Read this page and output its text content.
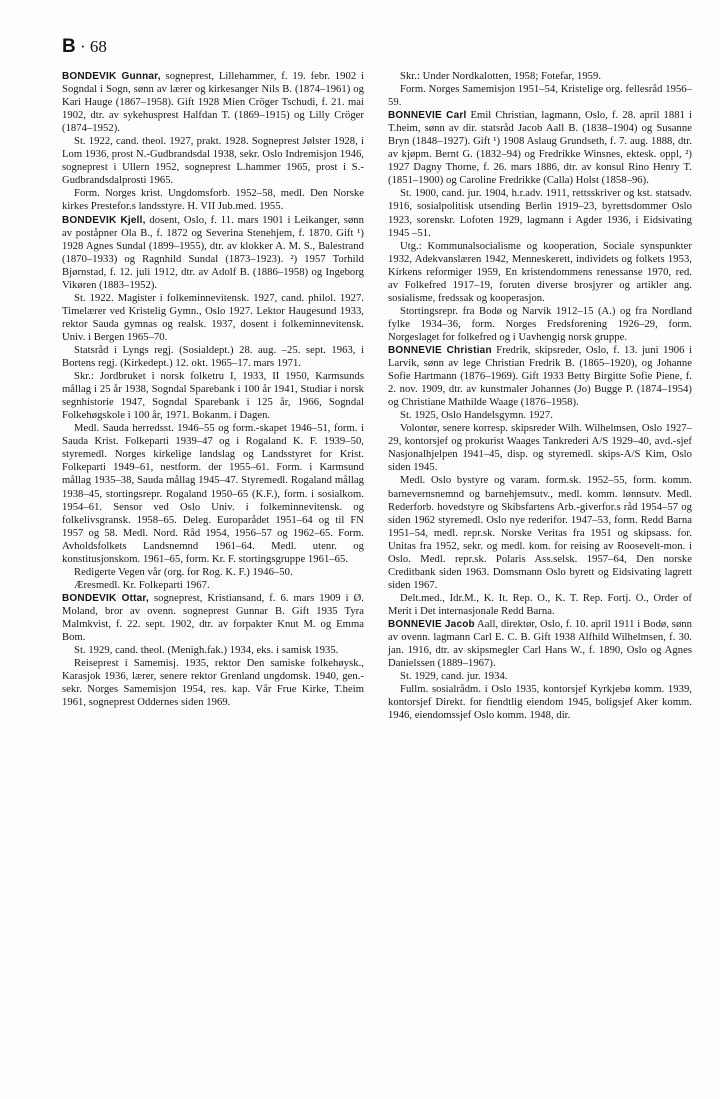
B · 68

BONDEVIK Gunnar, sogneprest, Lillehammer, f. 19. febr. 1902 i Sogndal i Sogn, sønn av lærer og kirkesanger Nils B. (1874–1961) og Kari Hauge (1867–1958). Gift 1928 Mien Cröger Tschudi, f. 21. mai 1902, dtr. av sykehusprest Halfdan T. (1869–1915) og Lilly Cröger (1874–1952).

St. 1922, cand. theol. 1927, prakt. 1928. Sogneprest Jølster 1928, i Lom 1936, prost N.-Gudbrandsdal 1938, sekr. Oslo Indremisjon 1946, sogneprest i Ullern 1952, sogneprest L.hammer 1965, prost i S.-Gudbrandsdalprosti 1965.

Form. Norges krist. Ungdomsforb. 1952–58, medl. Den Norske kirkes Prestefor.s landsstyre. H. VII Jub.med. 1955.

BONDEVIK Kjell, dosent, Oslo, f. 11. mars 1901 i Leikanger, sønn av poståpner Ola B., f. 1872 og Severina Stenehjem, f. 1870. Gift ¹) 1928 Agnes Sundal (1899–1955), dtr. av klokker A. M. S., Balestrand (1870–1933) og Ragnhild Sundal (1873–1923). ²) 1957 Torhild Bjørnstad, f. 12. juli 1912, dtr. av Adolf B. (1886–1958) og Ingeborg Vikøren (1883–1952).

St. 1922. Magister i folkeminnevitensk. 1927, cand. philol. 1927. Timelærer ved Kristelig Gymn., Oslo 1927. Lektor Haugesund 1933, rektor Sauda gymnas og realsk. 1937, dosent i folkeminnevitensk. Univ. i Bergen 1965–70.

Statsråd i Lyngs regj. (Sosialdept.) 28. aug. –25. sept. 1963, i Bortens regj. (Kirkedept.) 12. okt. 1965–17. mars 1971.

Skr.: Jordbruket i norsk folketru I, 1933, II 1950, Karmsunds mållag i 25 år 1938, Sogndal Sparebank i 100 år 1941, Studiar i norsk segnhistorie 1947, Sogndal Sparebank i 125 år, 1966, Sogndal Folkehøgskole i 100 år, 1971. Bokanm. i Dagen.

Medl. Sauda herredsst. 1946–55 og form.-skapet 1946–51, form. i Sauda Krist. Folkeparti 1939–47 og i Rogaland K. F. 1939–50, styremedl. Norges kirkelige landslag og Landsstyret for Krist. Folkeparti 1949–61, nestform. der 1955–61. Form. i Karmsund mållag 1935–38, Sauda mållag 1945–47. Styremedl. Rogaland mållag 1938–45, stortingsrepr. Rogaland 1950–65 (K.F.), form. i sosialkom. 1954–61. Sensor ved Oslo Univ. i folkeminnevitensk. og folkelivsgransk. 1958–65. Deleg. Europarådet 1951–64 og til FN 1957 og 58. Medl. Nord. Råd 1954, 1956–57 og 1962–65. Form. Avholdsfolkets Landsnemnd 1961–64. Medl. utenr. og konstitusjonskom. 1961–65, form. Kr. F. stortingsgruppe 1961–65.

Redigerte Vegen vår (org. for Rog. K. F.) 1946–50.

Æresmedl. Kr. Folkeparti 1967.

BONDEVIK Ottar, sogneprest, Kristiansand, f. 6. mars 1909 i Ø. Moland, bror av ovenn. sogneprest Gunnar B. Gift 1935 Tyra Malmkvist, f. 22. sept. 1902, dtr. av forpakter Knut M. og Emma Bom.

St. 1929, cand. theol. (Menigh.fak.) 1934, eks. i samisk 1935.

Reiseprest i Samemisj. 1935, rektor Den samiske folkehøysk., Karasjok 1936, lærer, senere rektor Grenland ungdomsk. 1940, gen.-sekr. Norges Samemisjon 1954, res. kap. Vår Frue Kirke, T.heim 1961, sogneprest Oddernes siden 1969.

Skr.: Under Nordkalotten, 1958; Fotefar, 1959.

Form. Norges Samemisjon 1951–54, Kristelige org. fellesråd 1956–59.

BONNEVIE Carl Emil Christian, lagmann, Oslo, f. 28. april 1881 i T.heim, sønn av dir. statsråd Jacob Aall B. (1838–1904) og Susanne Bryn (1848–1927). Gift ¹) 1908 Aslaug Grundseth, f. 7. aug. 1888, dtr. av kjøpm. Bernt G. (1832–94) og Fredrikke Winsnes, ektesk. oppl, ²) 1927 Dagny Thorne, f. 26. mars 1886, dtr. av konsul Rino Henry T. (1851–1900) og Caroline Fredrikke (Calla) Holst (1858–96).

St. 1900, cand. jur. 1904, h.r.adv. 1911, rettsskriver og kst. statsadv. 1916, sosialpolitisk utsending Berlin 1919–23, byrettsdommer Oslo 1923, sorenskr. Lofoten 1929, lagmann i Agder 1936, i Eidsivating 1945 –51.

Utg.: Kommunalsocialisme og kooperation, Sociale synspunkter 1932, Adekvanslæren 1942, Menneskerett, individets og folkets 1953, Kirkens reformiger 1959, En kristendommens renessanse 1970, red. av Folkefred 1917–19, foruten diverse brosjyrer og artikler ang. sosialisme, fredssak og kooperasjon.

Stortingsrepr. fra Bodø og Narvik 1912–15 (A.) og fra Nordland fylke 1934–36, form. Norges Fredsforening 1926–29, form. Norgeslaget for folkefred og i Uavhengig norsk gruppe.

BONNEVIE Christian Fredrik, skipsreder, Oslo, f. 13. juni 1906 i Larvik, sønn av lege Christian Fredrik B. (1865–1920), og Johanne Sofie Hartmann (1876–1969). Gift 1933 Betty Birgitte Sofie Piene, f. 2. nov. 1909, dtr. av kunstmaler Johannes (Jo) Bugge P. (1874–1954) og Christiane Mathilde Waage (1876–1958).

St. 1925, Oslo Handelsgymn. 1927.

Volontør, senere korresp. skipsreder Wilh. Wilhelmsen, Oslo 1927–29, kontorsjef og prokurist Waages Tankrederi A/S 1929–40, avd.-sjef Nasjonalhjelpen 1941–45, disp. og styremedl. skips-A/S Kim, Oslo siden 1945.

Medl. Oslo bystyre og varam. form.sk. 1952–55, form. komm. barnevernsnemnd og barnehjemsutv., medl. komm. lønnsutv. Medl. Rederforb. hovedstyre og Skibsfartens Arb.-giverfor.s råd 1954–57 og siden 1962 styremedl. Oslo nye rederifor. 1947–53, form. Redd Barna 1951–54, medl. repr.sk. Norske Veritas fra 1951 og skipsass. for. Unitas fra 1952, sekr. og medl. kom. for reising av Roosevelt-mon. i Oslo. Medl. repr.sk. Polaris Ass.selsk. 1957–64, Den norske Creditbank siden 1963. Domsmann Oslo byrett og Eidsivating lagrett siden 1967.

Delt.med., Idr.M., K. It. Rep. O., K. T. Rep. Fortj. O., Order of Merit i Det internasjonale Redd Barna.

BONNEVIE Jacob Aall, direktør, Oslo, f. 10. april 1911 i Bodø, sønn av ovenn. lagmann Carl E. C. B. Gift 1938 Alfhild Wilhelmsen, f. 30. jan. 1916, dtr. av skipsmegler Carl Hans W., f. 1890, Oslo og Agnes Danielssen (1889–1967).

St. 1929, cand. jur. 1934.

Fullm. sosialrådm. i Oslo 1935, kontorsjef Kyrkjebø komm. 1939, kontorsjef Direkt. for fiendtlig eiendom 1945, boligsjef Aker komm. 1946, eiendomssjef Oslo komm. 1948, dir.
